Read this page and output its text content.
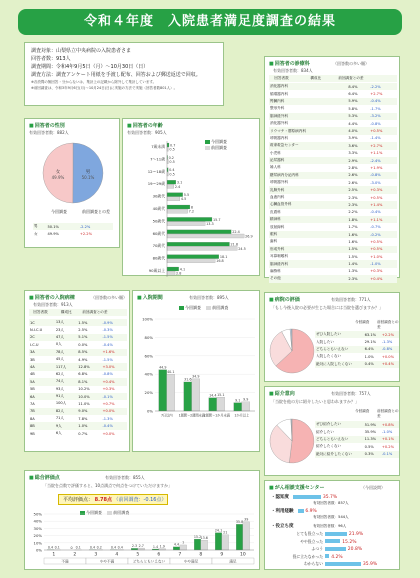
令和４年度　入院患者満足度調査の結果
調査対象：山梨県立中央病院の入院患者さま
回答者数：913人
調査期間：令和4年9月5日（月）〜10月30日（日）
調査方法：調査アンケート用紙を手渡し配布、回答および郵送返送で回収。
※各設問の無回答・分からないは、集計上の記載から除外して集計しています。
※前回調査は、令和3年9月6日(月)〜10月24日(日)に実施の方法で実施（回答者数801人）。
■ 回答者の性別
有効回答者数：882人
男
50.1%
女
49.9%
今回調査	前回調査との差
男	50.1%	-2.2%
女	49.9%	+2.2%
■ 回答者の年齢
有効回答者数：905人
今回調査
前回調査
7歳未満 0.7
0.5
7〜11歳 0.2
0.5
12〜18歳 0.4
0.5
19〜29歳	3.1
2.4
30歳代	5.5
4.5
40歳代	8
7.2
50歳代	15.7
13.3
60歳代	22.4
26.9
70歳代	21.8
24.5
80歳代	18.1
16.8
90歳以上	4.1
2.8
■ 回答者の診療科	（回答数の多い順）
有効回答者数：834人
	回答者数	構成比	前回調査との差
消化器内科		8.4%	-2.2%
循環器内科		6.4%	+2.7%
腎臓内科		5.9%	-0.4%
整形外科		5.8%	-1.7%
脳神経外科		5.3%	-3.2%
消化器外科		4.4%	-0.8%
リウマチ・膠原病内科		4.0%	+0.5%
呼吸器内科		3.9%	-1.4%
救命救急センター		3.6%	+2.7%
小児科		3.3%	+1.1%
泌尿器科		2.9%	-2.4%
婦人科		2.8%	+1.9%
糖尿病内分泌内科		2.6%	-0.8%
呼吸器外科		2.6%	-3.0%
乳腺外科		2.5%	+0.3%
血液内科		2.3%	+0.5%
心臓血管外科		2.3%	+1.4%
皮膚科		2.2%	-0.4%
精神科		1.8%	+1.1%
放射線科		1.7%	-0.7%
眼科		1.6%	-0.2%
歯科		1.6%	+0.5%
形成外科		1.5%	+0.5%
耳鼻咽喉科		1.5%	+1.0%
脳神経内科		1.4%	-1.0%
麻酔科		1.3%	+0.3%
その他		2.3%	+0.4%
■ 回答者の入院病棟	（回答数の多い順）
有効回答者数：913人
	回答者数	構成比	前回調査との差
1C	13人	1.5%	-0.9%
N.I.C.U	23人	2.5%	-0.3%
2C	47人	5.1%	-1.5%
I.C.U	0人	0.0%	-0.4%
3A	78人	8.5%	+1.6%
3B	45人	4.9%	-1.5%
4A	117人	12.8%	+3.0%
4B	62人	6.8%	-0.8%
5A	74人	8.1%	+0.4%
5B	93人	10.2%	+0.3%
6A	91人	10.0%	-0.1%
7A	100人	11.0%	+0.7%
7B	82人	9.0%	+0.0%
8A	71人	7.8%	-1.3%
8B	9人	1.0%	-0.4%
9B	6人	0.7%	+0.0%
■ 入院期間	有効回答者数：895人
今回調査	前回調査
0%
20%
40%
60%
80%
100%
44.9
40.1
7日以内
31.6
34.9
1週間〜2週間未満
14.4 15.1
2週間〜1か月未満
9.1 9.9
1か月以上
■ 病院の評価	有効回答者数：771人
「もし今後入院の必要が生じた場合には当院を選びますか？」
今回調査 前回調査との差
ぜひ入院したい	63.1%	+2.2%
入院したい	29.1%	-1.3%
どちらともいえない	6.4%	-0.8%
入院したくない	1.0%	+0.0%
絶対に入院したくない	0.4%	+0.4%
■ 紹介意向	有効回答者数：757人
「当院を他の方に紹介したいと思われますか？」
今回調査 前回調査との差
ぜひ紹介したい	51.9%	+0.8%
紹介したい	35.9%	-1.0%
どちらともいえない	11.3%	+0.1%
紹介したくない	0.5%	+0.2%
絶対に紹介したくない	0.3%	-0.1%
■ 総合評価点	有効回答者数：855人
「当院を点数で評価すると、10点満点で何点をつけていただけますか」
平均評価点： 8.78点 （前回調査：-0.16点）
今回調査	前回調査
0%
10%
20%
30%
40%
50%
0.4 0.1
1
0 0.1
2
0.4 0.2
3
0.4 0.4
4
2.3 2.7
5
1.4 1.9
6
4.4 7
7
15.2 13.6
8
24.1
21
9
35.8
39
10
不満	やや不満	どちらともいえない	やや満足	満足
■ がん相談支援センター	（今回設問）
・認知度	35.7%
有効回答者数：857人
・利用経験	6.9%
有効回答者数：544人
・役立ち度	有効回答者数：96人
とても役立った	21.9%
やや役立った	15.2%
ふつう	20.8%
役に立たなかった 4.2%
わからない	35.9%
